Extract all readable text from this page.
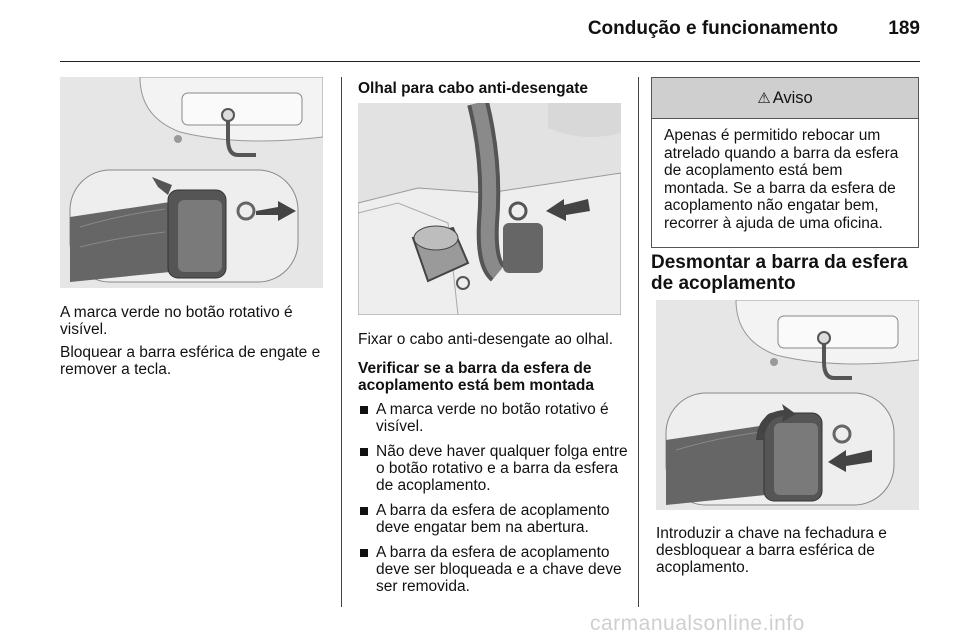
Condução e funcionamento	189
A marca verde no botão rotativo é visível.
Bloquear a barra esférica de engate e remover a tecla.
Olhal para cabo anti-desengate
Fixar o cabo anti-desengate ao olhal.
Verificar se a barra da esfera de acoplamento está bem montada
A marca verde no botão rotativo é visível.
Não deve haver qualquer folga entre o botão rotativo e a barra da esfera de acoplamento.
A barra da esfera de acoplamento deve engatar bem na abertura.
A barra da esfera de acoplamento deve ser bloqueada e a chave deve ser removida.
⚠ Aviso
Apenas é permitido rebocar um atrelado quando a barra da esfera de acoplamento está bem montada. Se a barra da esfera de acoplamento não engatar bem, recorrer à ajuda de uma oficina.
Desmontar a barra da esfera de acoplamento
Introduzir a chave na fechadura e desbloquear a barra esférica de acoplamento.
carmanualsonline.info
